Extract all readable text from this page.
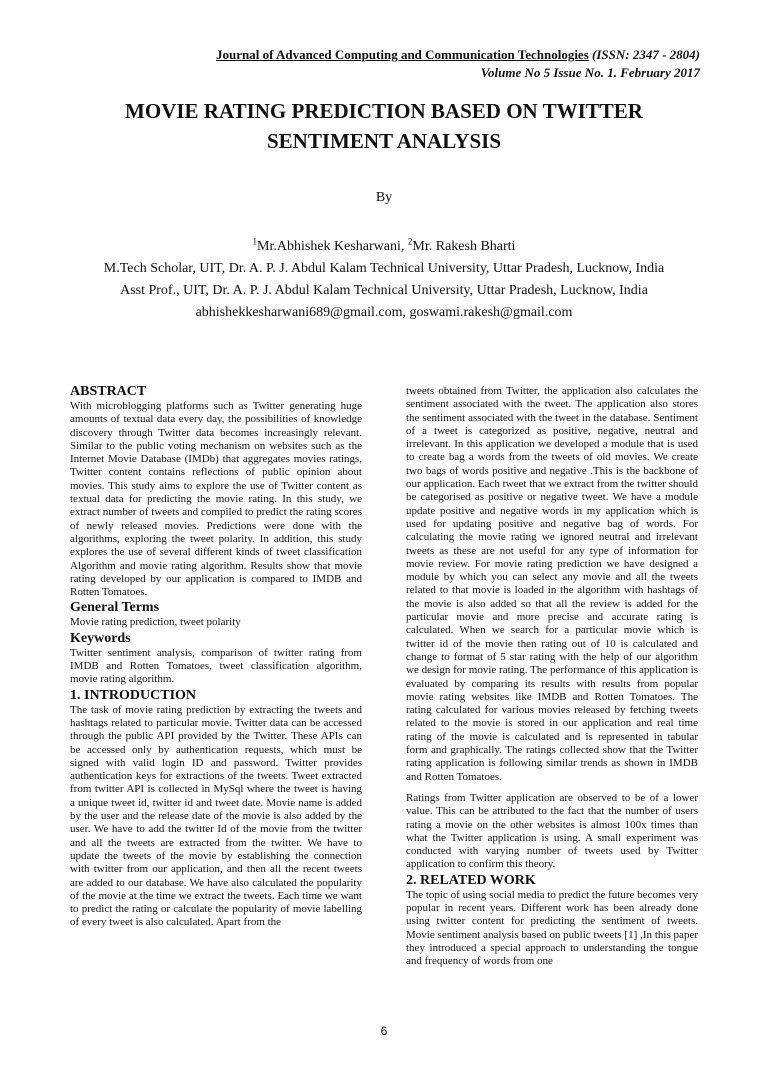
Journal of Advanced Computing and Communication Technologies (ISSN: 2347 - 2804)
Volume No 5 Issue No. 1. February 2017
MOVIE RATING PREDICTION BASED ON TWITTER
SENTIMENT ANALYSIS
By
$^1$Mr.Abhishek Kesharwani, $^2$Mr. Rakesh Bharti
M.Tech Scholar, UIT, Dr. A. P. J. Abdul Kalam Technical University, Uttar Pradesh, Lucknow, India
Asst Prof., UIT, Dr. A. P. J. Abdul Kalam Technical University, Uttar Pradesh, Lucknow, India
abhishekkesharwani689@gmail.com, goswami.rakesh@gmail.com
ABSTRACT

With microblogging platforms such as Twitter generating huge amounts of textual data every day, the possibilities of knowledge discovery through Twitter data becomes increasingly relevant. Similar to the public voting mechanism on websites such as the Internet Movie Database (IMDb) that aggregates movies ratings, Twitter content contains reflections of public opinion about movies. This study aims to explore the use of Twitter content as textual data for predicting the movie rating. In this study, we extract number of tweets and compiled to predict the rating scores of newly released movies. Predictions were done with the algorithms, exploring the tweet polarity. In addition, this study explores the use of several different kinds of tweet classification Algorithm and movie rating algorithm. Results show that movie rating developed by our application is compared to IMDB and Rotten Tomatoes.

General Terms

Movie rating prediction, tweet polarity

Keywords

Twitter sentiment analysis, comparison of twitter rating from IMDB and Rotten Tomatoes, tweet classification algorithm, movie rating algorithm.

1. INTRODUCTION

The task of movie rating prediction by extracting the tweets and hashtags related to particular movie. Twitter data can be accessed through the public API provided by the Twitter. These APIs can be accessed only by authentication requests, which must be signed with valid login ID and password. Twitter provides authentication keys for extractions of the tweets. Tweet extracted from twitter API is collected in MySql where the tweet is having a unique tweet id, twitter id and tweet date. Movie name is added by the user and the release date of the movie is also added by the user. We have to add the twitter Id of the movie from the twitter and all the tweets are extracted from the twitter. We have to update the tweets of the movie by establishing the connection with twitter from our application, and then all the recent tweets are added to our database. We have also calculated the popularity of the movie at the time we extract the tweets. Each time we want to predict the rating or calculate the popularity of movie labelling of every tweet is also calculated. Apart from the

tweets obtained from Twitter, the application also calculates the sentiment associated with the tweet. The application also stores the sentiment associated with the tweet in the database. Sentiment of a tweet is categorized as positive, negative, neutral and irrelevant. In this application we developed a module that is used to create bag a words from the tweets of old movies. We create two bags of words positive and negative .This is the backbone of our application. Each tweet that we extract from the twitter should be categorised as positive or negative tweet. We have a module update positive and negative words in my application which is used for updating positive and negative bag of words. For calculating the movie rating we ignored neutral and irrelevant tweets as these are not useful for any type of information for movie review. For movie rating prediction we have designed a module by which you can select any movie and all the tweets related to that movie is loaded in the algorithm with hashtags of the movie is also added so that all the review is added for the particular movie and more precise and accurate rating is calculated. When we search for a particular movie which is twitter id of the movie then rating out of 10 is calculated and change to format of 5 star rating with the help of our algorithm we design for movie rating. The performance of this application is evaluated by comparing its results with results from popular movie rating websites like IMDB and Rotten Tomatoes. The rating calculated for various movies released by fetching tweets related to the movie is stored in our application and real time rating of the movie is calculated and is represented in tabular form and graphically. The ratings collected show that the Twitter rating application is following similar trends as shown in IMDB and Rotten Tomatoes.

Ratings from Twitter application are observed to be of a lower value. This can be attributed to the fact that the number of users rating a movie on the other websites is almost 100x times than what the Twitter application is using. A small experiment was conducted with varying number of tweets used by Twitter application to confirm this theory.

2. RELATED WORK

The topic of using social media to predict the future becomes very popular in recent years. Different work has been already done using twitter content for predicting the sentiment of tweets. Movie sentiment analysis based on public tweets [1] ,In this paper they introduced a special approach to understanding the tongue and frequency of words from one

6
